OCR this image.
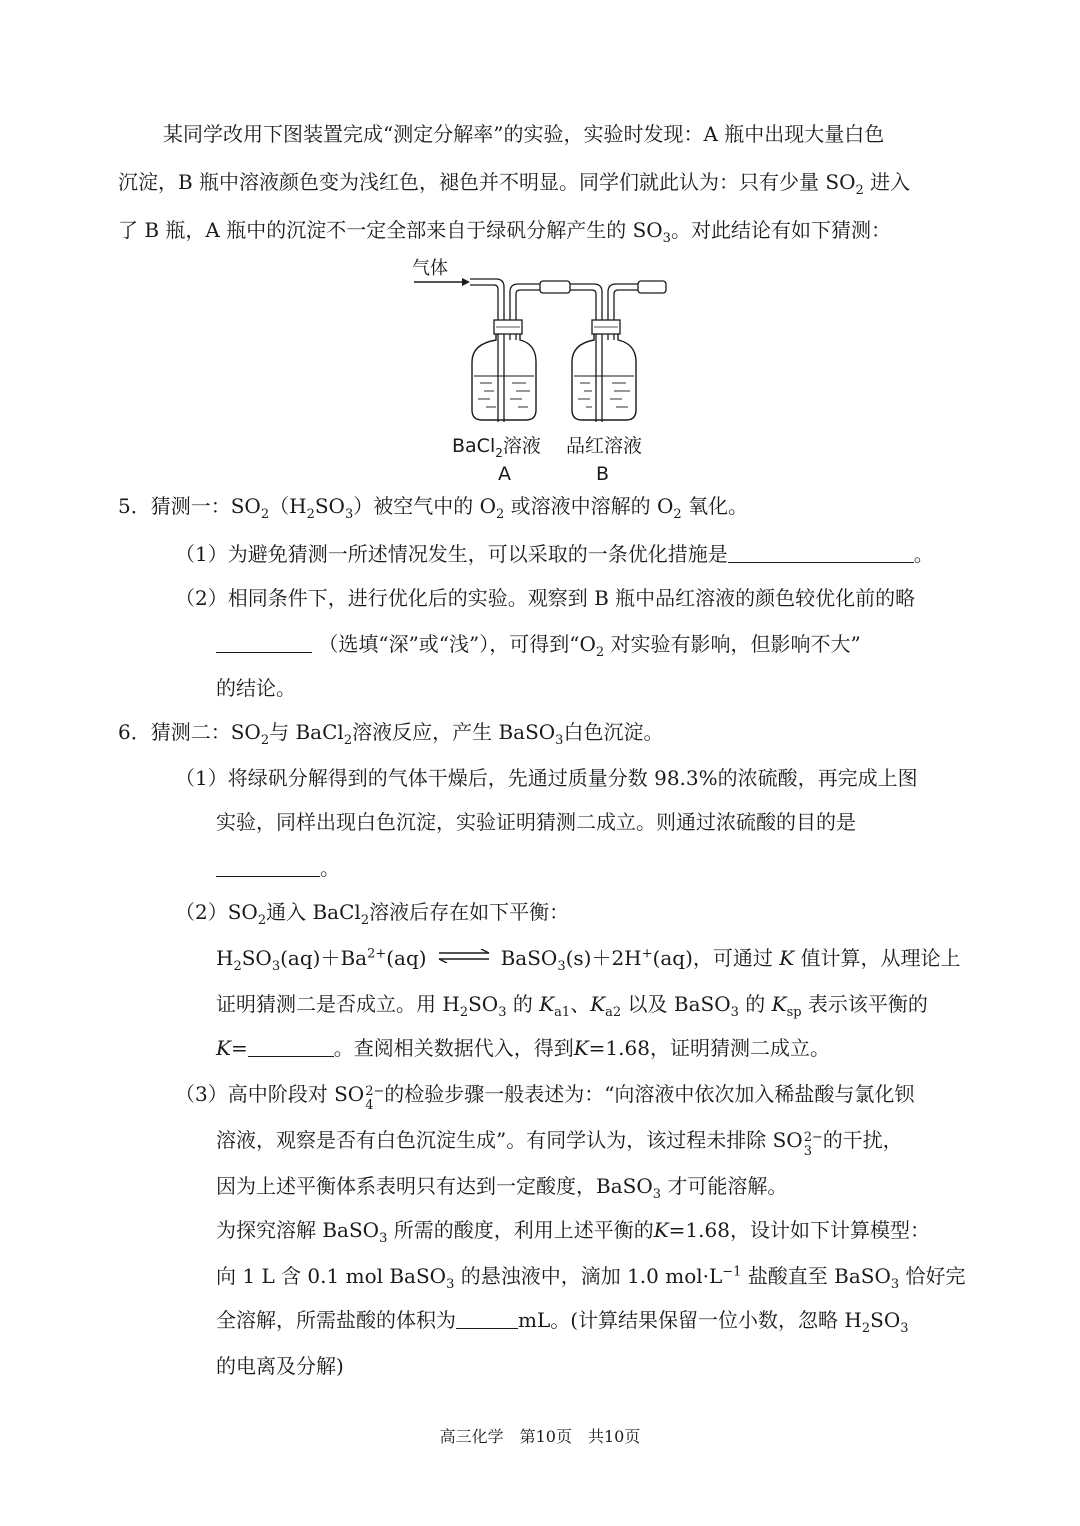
某同学改用下图装置完成“测定分解率”的实验，实验时发现：A 瓶中出现大量白色
沉淀，B 瓶中溶液颜色变为浅红色，褪色并不明显。同学们就此认为：只有少量 $SO_2$ 进入
了 B 瓶，A 瓶中的沉淀不一定全部来自于绿矾分解产生的 $SO_3$。对此结论有如下猜测：
气体
BaCl$_2$溶液 品红溶液
A	B
5．猜测一：$SO_2(H_2SO_3)$被空气中的 $O_2$ 或溶液中溶解的 $O_2$ 氧化。
（1）为避免猜测一所述情况发生，可以采取的一条优化措施是	。
（2）相同条件下，进行优化后的实验。观察到 B 瓶中品红溶液的颜色较优化前的略
（选填“深”或“浅”），可得到“$O_2$ 对实验有影响，但影响不大”
的结论。
6．猜测二：$SO_2$与 BaCl$_2$溶液反应，产生 BaSO$_3$白色沉淀。
（1）将绿矾分解得到的气体干燥后，先通过质量分数 98.3%的浓硫酸，再完成上图
实验，同样出现白色沉淀，实验证明猜测二成立。则通过浓硫酸的目的是
。
$(2)SO_2$通入 BaCl$_2$溶液后存在如下平衡：
$H_2SO_3(aq)+Ba^{2+}(aq)$ ⇌ BaSO$_3$(s)＋2H+(aq)，可通过 K 值计算，从理论上
证明猜测二是否成立。用 $H_2SO_3$ 的 $K_{a1}$、$K_{a2}$ 以及 BaSO$_3$ 的 $K_{sp}$ 表示该平衡的
K=	。查阅相关数据代入，得到K=1.68，证明猜测二成立。
（3）高中阶段对 SO 2−
4 的检验步骤一般表述为：“向溶液中依次加入稀盐酸与氯化钡
溶液，观察是否有白色沉淀生成”。有同学认为，该过程未排除 SO 2−
3 的干扰，
因为上述平衡体系表明只有达到一定酸度，BaSO$_3$ 才可能溶解。
为探究溶解 BaSO$_3$ 所需的酸度，利用上述平衡的K=1.68，设计如下计算模型：
向 1 L 含 0.1 mol BaSO$_3$ 的悬浊液中，滴加 1.0 $mol\cdot L^{-1}$ 盐酸直至 BaSO$_3$ 恰好完
全溶解，所需盐酸的体积为	mL。(计算结果保留一位小数，忽略 $H_2SO_3$
的电离及分解)
高三化学　第10页　共10页
